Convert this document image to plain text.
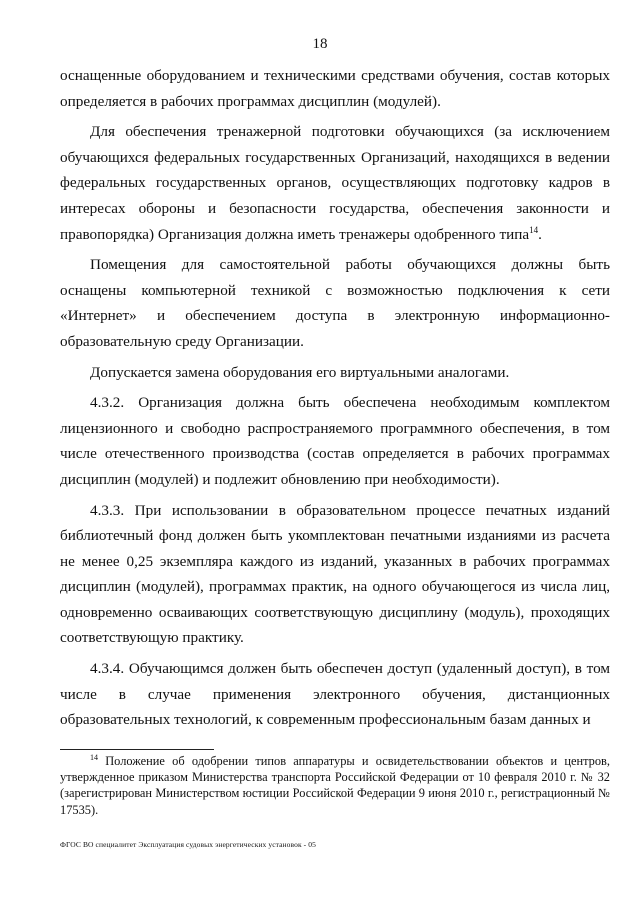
18

оснащенные оборудованием и техническими средствами обучения, состав которых определяется в рабочих программах дисциплин (модулей).

Для обеспечения тренажерной подготовки обучающихся (за исключением обучающихся федеральных государственных Организаций, находящихся в ведении федеральных государственных органов, осуществляющих подготовку кадров в интересах обороны и безопасности государства, обеспечения законности и правопорядка) Организация должна иметь тренажеры одобренного типа$^{14}$.

Помещения для самостоятельной работы обучающихся должны быть оснащены компьютерной техникой с возможностью подключения к сети «Интернет» и обеспечением доступа в электронную информационно-образовательную среду Организации.

Допускается замена оборудования его виртуальными аналогами.

4.3.2. Организация должна быть обеспечена необходимым комплектом лицензионного и свободно распространяемого программного обеспечения, в том числе отечественного производства (состав определяется в рабочих программах дисциплин (модулей) и подлежит обновлению при необходимости).

4.3.3. При использовании в образовательном процессе печатных изданий библиотечный фонд должен быть укомплектован печатными изданиями из расчета не менее 0,25 экземпляра каждого из изданий, указанных в рабочих программах дисциплин (модулей), программах практик, на одного обучающегося из числа лиц, одновременно осваивающих соответствующую дисциплину (модуль), проходящих соответствующую практику.

4.3.4. Обучающимся должен быть обеспечен доступ (удаленный доступ), в том числе в случае применения электронного обучения, дистанционных образовательных технологий, к современным профессиональным базам данных и

$^{14}$ Положение об одобрении типов аппаратуры и освидетельствовании объектов и центров, утвержденное приказом Министерства транспорта Российской Федерации от 10 февраля 2010 г. № 32 (зарегистрирован Министерством юстиции Российской Федерации 9 июня 2010 г., регистрационный № 17535).
ФГОС ВО специалитет Эксплуатация судовых энергетических установок - 05
